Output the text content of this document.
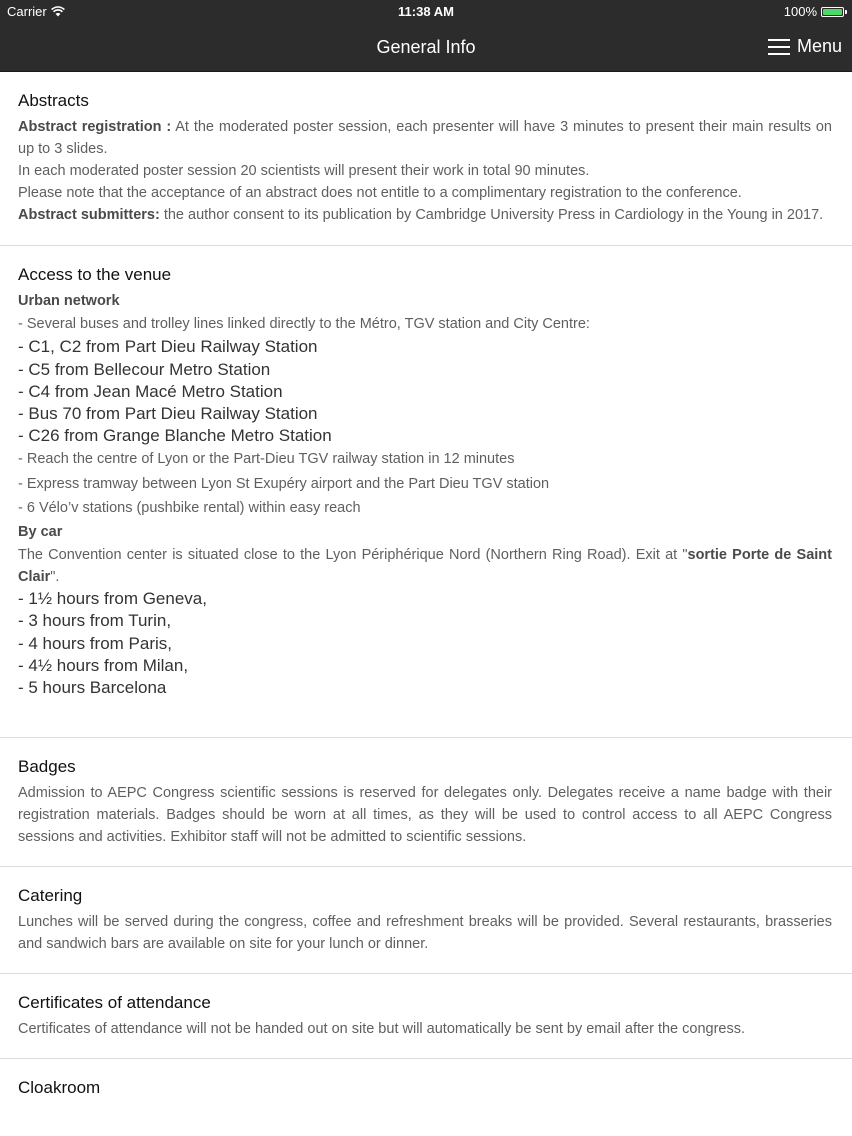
Carrier	11:38 AM	100%
General Info	Menu
Abstracts

Abstract registration : At the moderated poster session, each presenter will have 3 minutes to present their main results on up to 3 slides.

In each moderated poster session 20 scientists will present their work in total 90 minutes.

Please note that the acceptance of an abstract does not entitle to a complimentary registration to the conference.

Abstract submitters: the author consent to its publication by Cambridge University Press in Cardiology in the Young in 2017.

Access to the venue

Urban network

- Several buses and trolley lines linked directly to the Métro, TGV station and City Centre:

- C1, C2 from Part Dieu Railway Station

- C5 from Bellecour Metro Station

- C4 from Jean Macé Metro Station

- Bus 70 from Part Dieu Railway Station

- C26 from Grange Blanche Metro Station

- Reach the centre of Lyon or the Part-Dieu TGV railway station in 12 minutes

- Express tramway between Lyon St Exupéry airport and the Part Dieu TGV station

- 6 Vélo’v stations (pushbike rental) within easy reach

By car

The Convention center is situated close to the Lyon Périphérique Nord (Northern Ring Road). Exit at "sortie Porte de Saint Clair".

- 1½ hours from Geneva,

- 3 hours from Turin,

- 4 hours from Paris,

- 4½ hours from Milan,

- 5 hours Barcelona

Badges

Admission to AEPC Congress scientific sessions is reserved for delegates only. Delegates receive a name badge with their registration materials. Badges should be worn at all times, as they will be used to control access to all AEPC Congress sessions and activities. Exhibitor staff will not be admitted to scientific sessions.

Catering

Lunches will be served during the congress, coffee and refreshment breaks will be provided. Several restaurants, brasseries and sandwich bars are available on site for your lunch or dinner.

Certificates of attendance

Certificates of attendance will not be handed out on site but will automatically be sent by email after the congress.

Cloakroom
